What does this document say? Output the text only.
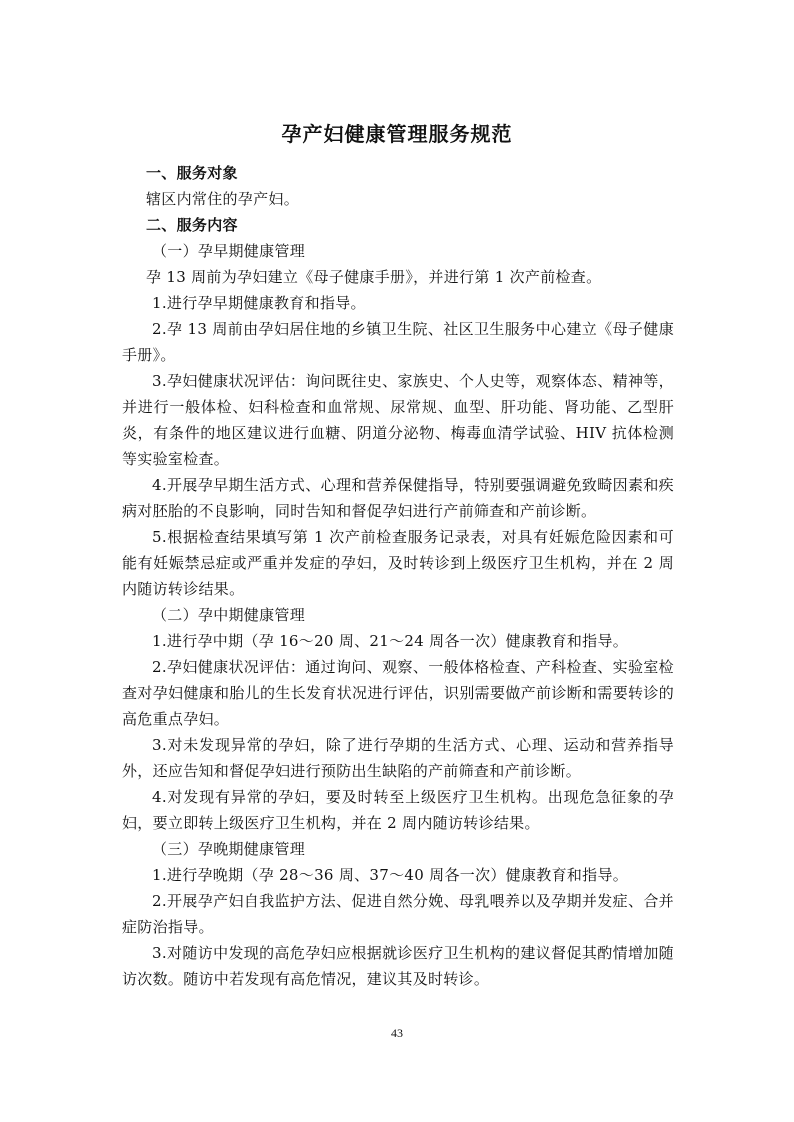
孕产妇健康管理服务规范

一、服务对象

辖区内常住的孕产妇。

二、服务内容

（一）孕早期健康管理

孕 13 周前为孕妇建立《母子健康手册》，并进行第 1 次产前检查。

1.进行孕早期健康教育和指导。

2.孕 13 周前由孕妇居住地的乡镇卫生院、社区卫生服务中心建立《母子健康手册》。

3.孕妇健康状况评估：询问既往史、家族史、个人史等，观察体态、精神等，并进行一般体检、妇科检查和血常规、尿常规、血型、肝功能、肾功能、乙型肝炎，有条件的地区建议进行血糖、阴道分泌物、梅毒血清学试验、HIV 抗体检测等实验室检查。

4.开展孕早期生活方式、心理和营养保健指导，特别要强调避免致畸因素和疾病对胚胎的不良影响，同时告知和督促孕妇进行产前筛查和产前诊断。

5.根据检查结果填写第 1 次产前检查服务记录表，对具有妊娠危险因素和可能有妊娠禁忌症或严重并发症的孕妇，及时转诊到上级医疗卫生机构，并在 2 周内随访转诊结果。

（二）孕中期健康管理

1.进行孕中期（孕 16～20 周、21～24 周各一次）健康教育和指导。

2.孕妇健康状况评估：通过询问、观察、一般体格检查、产科检查、实验室检查对孕妇健康和胎儿的生长发育状况进行评估，识别需要做产前诊断和需要转诊的高危重点孕妇。

3.对未发现异常的孕妇，除了进行孕期的生活方式、心理、运动和营养指导外，还应告知和督促孕妇进行预防出生缺陷的产前筛查和产前诊断。

4.对发现有异常的孕妇，要及时转至上级医疗卫生机构。出现危急征象的孕妇，要立即转上级医疗卫生机构，并在 2 周内随访转诊结果。

（三）孕晚期健康管理

1.进行孕晚期（孕 28～36 周、37～40 周各一次）健康教育和指导。

2.开展孕产妇自我监护方法、促进自然分娩、母乳喂养以及孕期并发症、合并症防治指导。

3.对随访中发现的高危孕妇应根据就诊医疗卫生机构的建议督促其酌情增加随访次数。随访中若发现有高危情况，建议其及时转诊。

43
